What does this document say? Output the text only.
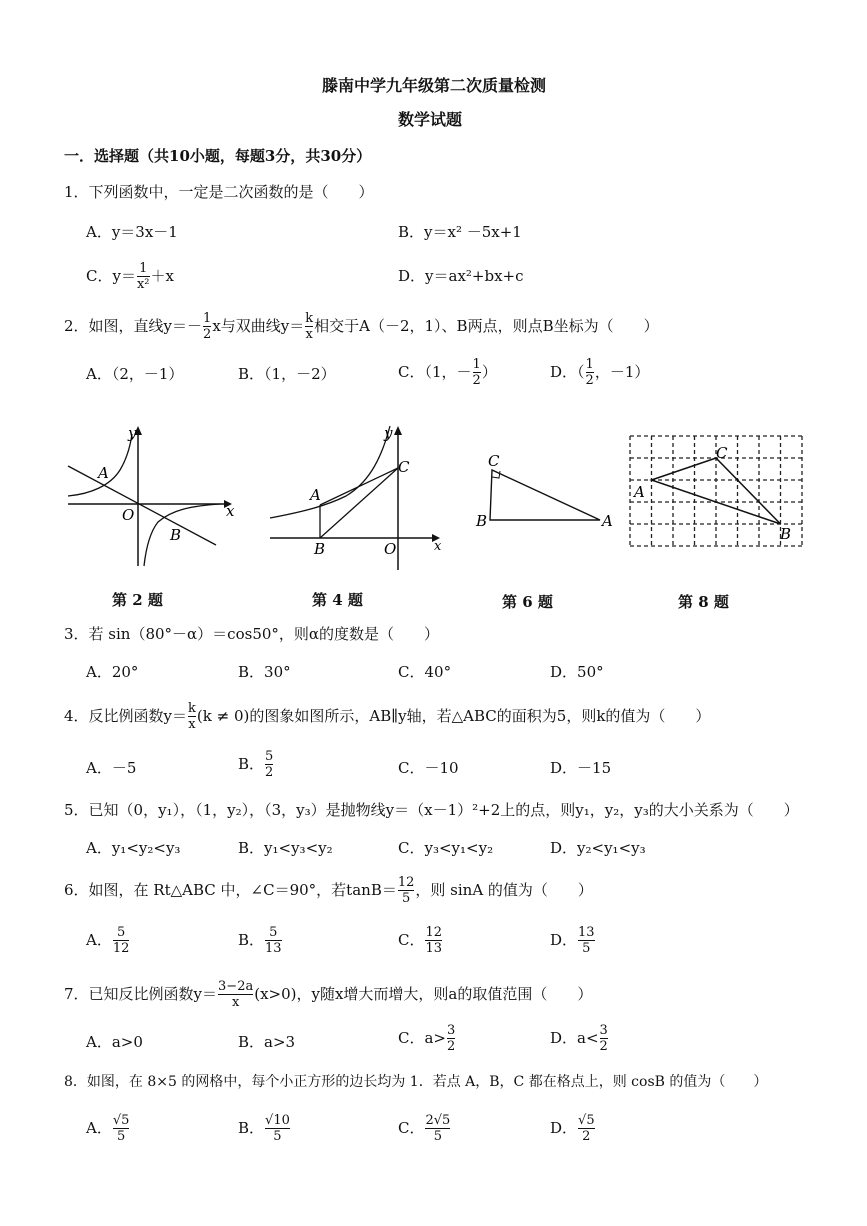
滕南中学九年级第二次质量检测
数学试题
一．选择题（共10小题，每题3分，共30分）
1．下列函数中，一定是二次函数的是（　　）
A．y＝3x－1	B．y＝x² －5x+1
C．$y= \frac{1}{\text{x²}} +x$	D．y＝ax²+bx+c
2．如图，直线$y=- \frac{1}{2}$ x与双曲线$y= \frac{k}{x}$ 相交于A（－2，1）、B两点，则点B坐标为（　　）
A．（2，－1）	B．（1，－2）	C．（1，－ $\frac{1}{2}$ ）	D．（ $\frac{1}{2}$ ，－1）
y
x
O
A
B
第 2 题
y
x
O
A
B
C
第 4 题
C
B	A
第 6 题
A
C
B
第 8 题
3．若 sin（80°－α）＝cos50°，则α的度数是（　　）
A．20°	B．30°	C．40°	D．50°
4．反比例函数$y= \frac{k}{x} (k \ne 0)$的图象如图所示，AB∥y轴，若△ABC的面积为5，则k的值为（　　）
A．－5	B． $\frac{5}{2}$	C．－10	D．－15
5．已知（0，y₁），（1，y₂），（3，y₃）是抛物线y＝（x－1）²+2上的点，则y₁，y₂，y₃的大小关系为（　　）
A．y₁<y₂<y₃	B．y₁<y₃<y₂	C．y₃<y₁<y₂	D．y₂<y₁<y₃
6．如图，在 Rt△ABC 中，∠C＝90°，若$\tan B= \frac{12}{5}$ ，则 sinA 的值为（　　）
A． $\frac{5}{12}$	B． $\frac{5}{13}$	C． $\frac{12}{13}$	D． $\frac{13}{5}$
7．已知反比例函数$y= \frac{3-2a}{x} (x>0)$，y随x增大而增大，则a的取值范围（　　）
A．a>0	B．a>3	C．$a> \frac{3}{2}$	D．$a< \frac{3}{2}$
8．如图，在 8×5 的网格中，每个小正方形的边长均为 1．若点 A，B，C 都在格点上，则 cosB 的值为（　　）
A． $\frac{√5}{5}$	B． $\frac{√10}{5}$	C． $\frac{2√5}{5}$	D． $\frac{√5}{2}$
